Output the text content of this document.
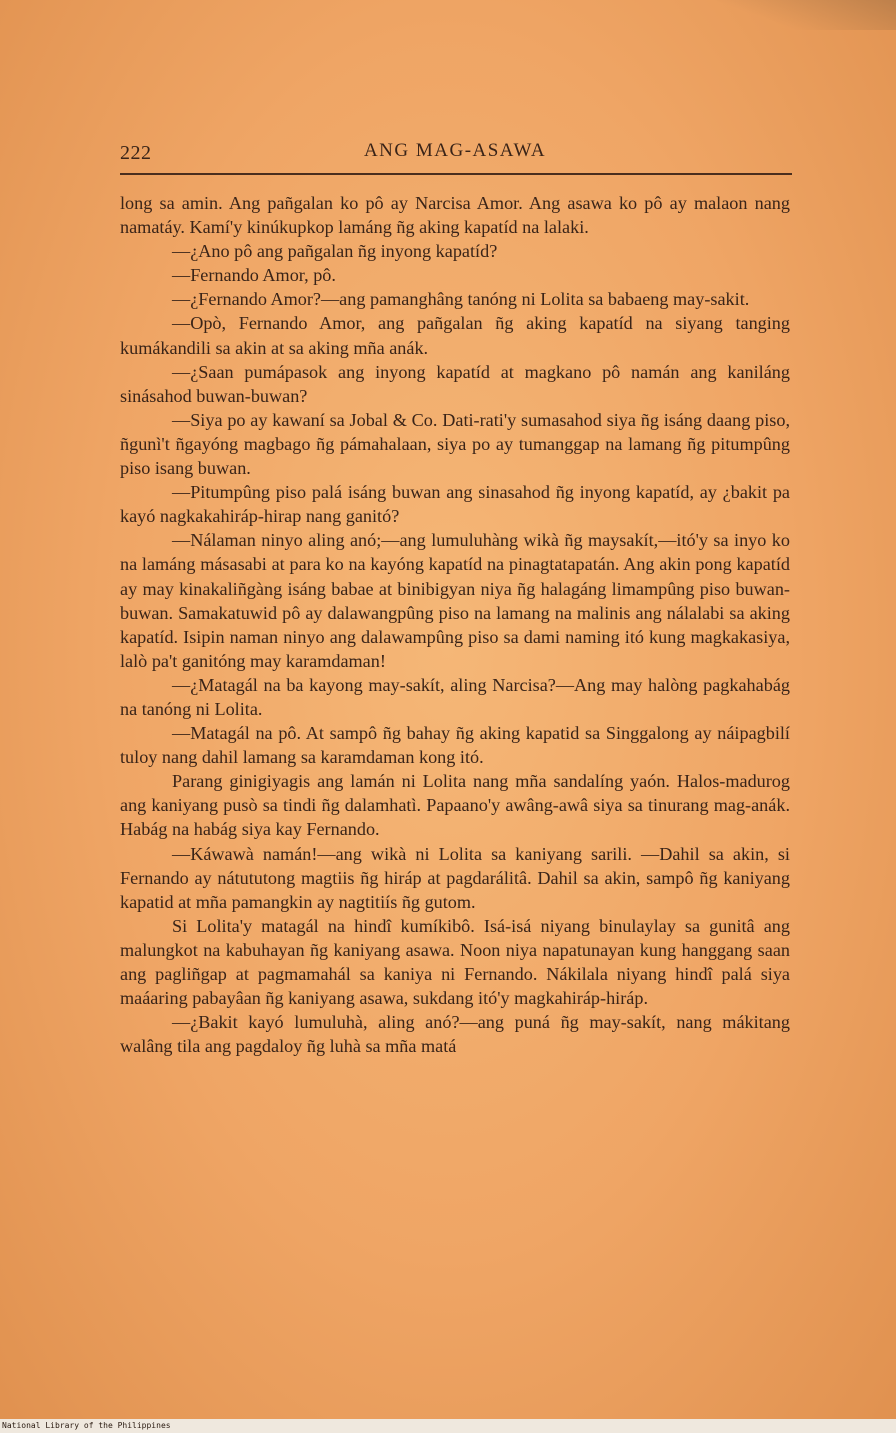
222	ANG MAG-ASAWA

long sa amin. Ang pañgalan ko pô ay Narcisa Amor. Ang asawa ko pô ay malaon nang namatáy. Kamí'y kinúkupkop lamáng ñg aking kapatíd na lalaki.

—¿Ano pô ang pañgalan ñg inyong kapatíd?

—Fernando Amor, pô.

—¿Fernando Amor?—ang pamanghâng tanóng ni Lolita sa babaeng may-sakit.

—Opò, Fernando Amor, ang pañgalan ñg aking kapatíd na siyang tanging kumákandili sa akin at sa aking mña anák.

—¿Saan pumápasok ang inyong kapatíd at magkano pô namán ang kaniláng sinásahod buwan-buwan?

—Siya po ay kawaní sa Jobal & Co. Dati-rati'y sumasahod siya ñg isáng daang piso, ñgunì't ñgayóng magbago ñg pámahalaan, siya po ay tumanggap na lamang ñg pitumpûng piso isang buwan.

—Pitumpûng piso palá isáng buwan ang sinasahod ñg inyong kapatíd, ay ¿bakit pa kayó nagkakahiráp-hirap nang ganitó?

—Nálaman ninyo aling anó;—ang lumuluhàng wikà ñg maysakít,—itó'y sa inyo ko na lamáng másasabi at para ko na kayóng kapatíd na pinagtatapatán. Ang akin pong kapatíd ay may kinakaliñgàng isáng babae at binibigyan niya ñg halagáng limampûng piso buwan-buwan. Samakatuwid pô ay dalawangpûng piso na lamang na malinis ang nálalabi sa aking kapatíd. Isipin naman ninyo ang dalawampûng piso sa dami naming itó kung magkakasiya, lalò pa't ganitóng may karamdaman!

—¿Matagál na ba kayong may-sakít, aling Narcisa?—Ang may halòng pagkahabág na tanóng ni Lolita.

—Matagál na pô. At sampô ñg bahay ñg aking kapatid sa Singgalong ay náipagbilí tuloy nang dahil lamang sa karamdaman kong itó.

Parang ginigiyagis ang lamán ni Lolita nang mña sandalíng yaón. Halos-madurog ang kaniyang pusò sa tindi ñg dalamhatì. Papaano'y awâng-awâ siya sa tinurang mag-anák. Habág na habág siya kay Fernando.

—Káwawà namán!—ang wikà ni Lolita sa kaniyang sarili. —Dahil sa akin, si Fernando ay nátututong magtiis ñg hiráp at pagdarálitâ. Dahil sa akin, sampô ñg kaniyang kapatid at mña pamangkin ay nagtitiís ñg gutom.

Si Lolita'y matagál na hindî kumíkibô. Isá-isá niyang binulaylay sa gunitâ ang malungkot na kabuhayan ñg kaniyang asawa. Noon niya napatunayan kung hanggang saan ang pagliñgap at pagmamahál sa kaniya ni Fernando. Nákilala niyang hindî palá siya maáaring pabayâan ñg kaniyang asawa, sukdang itó'y magkahiráp-hiráp.

—¿Bakit kayó lumuluhà, aling anó?—ang puná ñg may-sakít, nang mákitang walâng tila ang pagdaloy ñg luhà sa mña matá

National Library of the Philippines
